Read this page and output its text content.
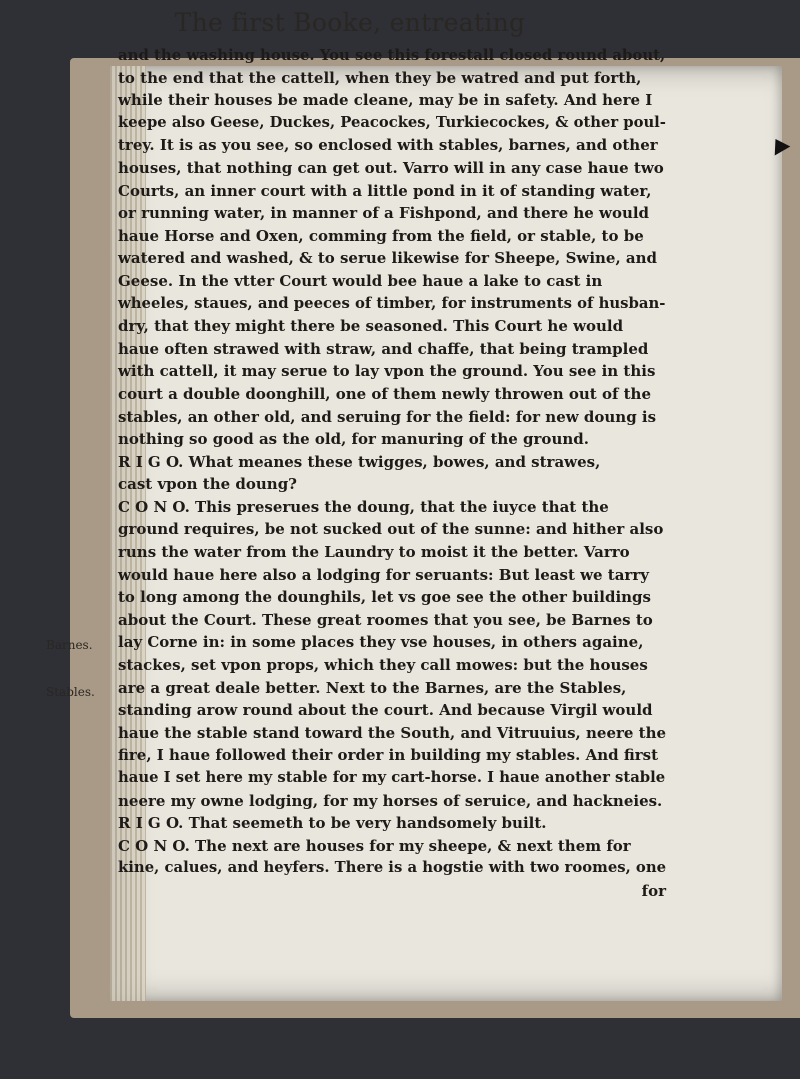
The first Booke, entreating
Barnes.
Stables.

and the washing house. You see this forestall closed round about,

to the end that the cattell, when they be watred and put forth,

while their houses be made cleane, may be in safety. And here I

keepe also Geese, Duckes, Peacockes, Turkiecockes, & other poul-

trey. It is as you see, so enclosed with stables, barnes, and other

houses, that nothing can get out. Varro will in any case haue two

Courts, an inner court with a little pond in it of standing water,

or running water, in manner of a Fishpond, and there he would

haue Horse and Oxen, comming from the field, or stable, to be

watered and washed, & to serue likewise for Sheepe, Swine, and

Geese. In the vtter Court would bee haue a lake to cast in

wheeles, staues, and peeces of timber, for instruments of husban-

dry, that they might there be seasoned. This Court he would

haue often strawed with straw, and chaffe, that being trampled

with cattell, it may serue to lay vpon the ground. You see in this

court a double doonghill, one of them newly throwen out of the

stables, an other old, and seruing for the field: for new doung is

nothing so good as the old, for manuring of the ground.

R I G O. What meanes these twigges, bowes, and strawes,

cast vpon the doung?

C O N O. This preserues the doung, that the iuyce that the

ground requires, be not sucked out of the sunne: and hither also

runs the water from the Laundry to moist it the better. Varro

would haue here also a lodging for seruants: But least we tarry

to long among the dounghils, let vs goe see the other buildings

about the Court. These great roomes that you see, be Barnes to

lay Corne in: in some places they vse houses, in others againe,

stackes, set vpon props, which they call mowes: but the houses

are a great deale better. Next to the Barnes, are the Stables,

standing arow round about the court. And because Virgil would

haue the stable stand toward the South, and Vitruuius, neere the

fire, I haue followed their order in building my stables. And first

haue I set here my stable for my cart-horse. I haue another stable

neere my owne lodging, for my horses of seruice, and hackneies.

R I G O. That seemeth to be very handsomely built.

C O N O. The next are houses for my sheepe, & next them for

kine, calues, and heyfers. There is a hogstie with two roomes, one

for
